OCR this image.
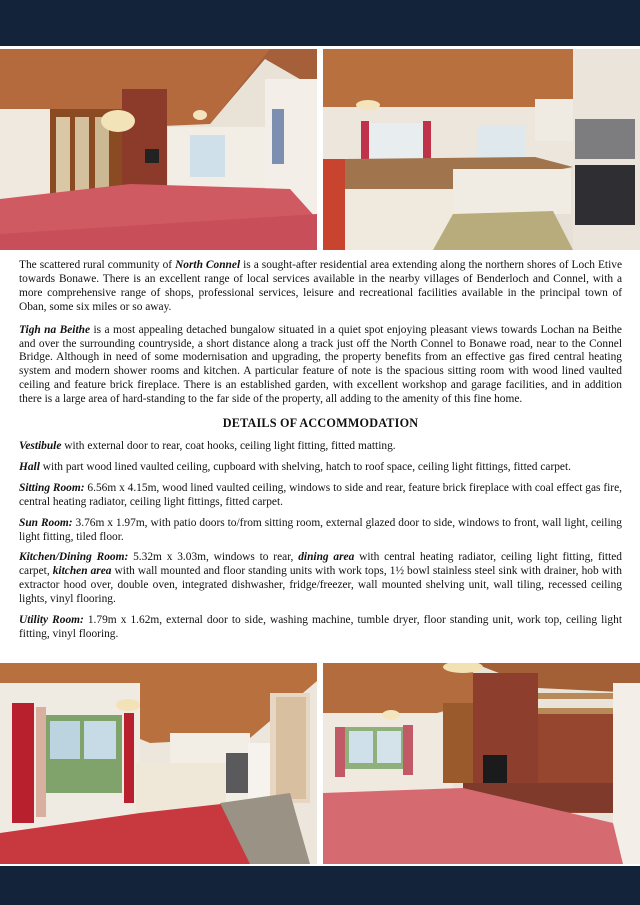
The scattered rural community of North Connel is a sought-after residential area extending along the northern shores of Loch Etive towards Bonawe. There is an excellent range of local services available in the nearby villages of Benderloch and Connel, with a more comprehensive range of shops, professional services, leisure and recreational facilities available in the principal town of Oban, some six miles or so away.

Tigh na Beithe is a most appealing detached bungalow situated in a quiet spot enjoying pleasant views towards Lochan na Beithe and over the surrounding countryside, a short distance along a track just off the North Connel to Bonawe road, near to the Connel Bridge. Although in need of some modernisation and upgrading, the property benefits from an effective gas fired central heating system and modern shower rooms and kitchen. A particular feature of note is the spacious sitting room with wood lined vaulted ceiling and feature brick fireplace. There is an established garden, with excellent workshop and garage facilities, and in addition there is a large area of hard-standing to the far side of the property, all adding to the amenity of this fine home.

DETAILS OF ACCOMMODATION

Vestibule with external door to rear, coat hooks, ceiling light fitting, fitted matting.

Hall with part wood lined vaulted ceiling, cupboard with shelving, hatch to roof space, ceiling light fittings, fitted carpet.

Sitting Room: 6.56m x 4.15m, wood lined vaulted ceiling, windows to side and rear, feature brick fireplace with coal effect gas fire, central heating radiator, ceiling light fittings, fitted carpet.

Sun Room: 3.76m x 1.97m, with patio doors to/from sitting room, external glazed door to side, windows to front, wall light, ceiling light fitting, tiled floor.

Kitchen/Dining Room: 5.32m x 3.03m, windows to rear, dining area with central heating radiator, ceiling light fitting, fitted carpet, kitchen area with wall mounted and floor standing units with work tops, 1½ bowl stainless steel sink with drainer, hob with extractor hood over, double oven, integrated dishwasher, fridge/freezer, wall mounted shelving unit, wall tiling, recessed ceiling lights, vinyl flooring.

Utility Room: 1.79m x 1.62m, external door to side, washing machine, tumble dryer, floor standing unit, work top, ceiling light fitting, vinyl flooring.
